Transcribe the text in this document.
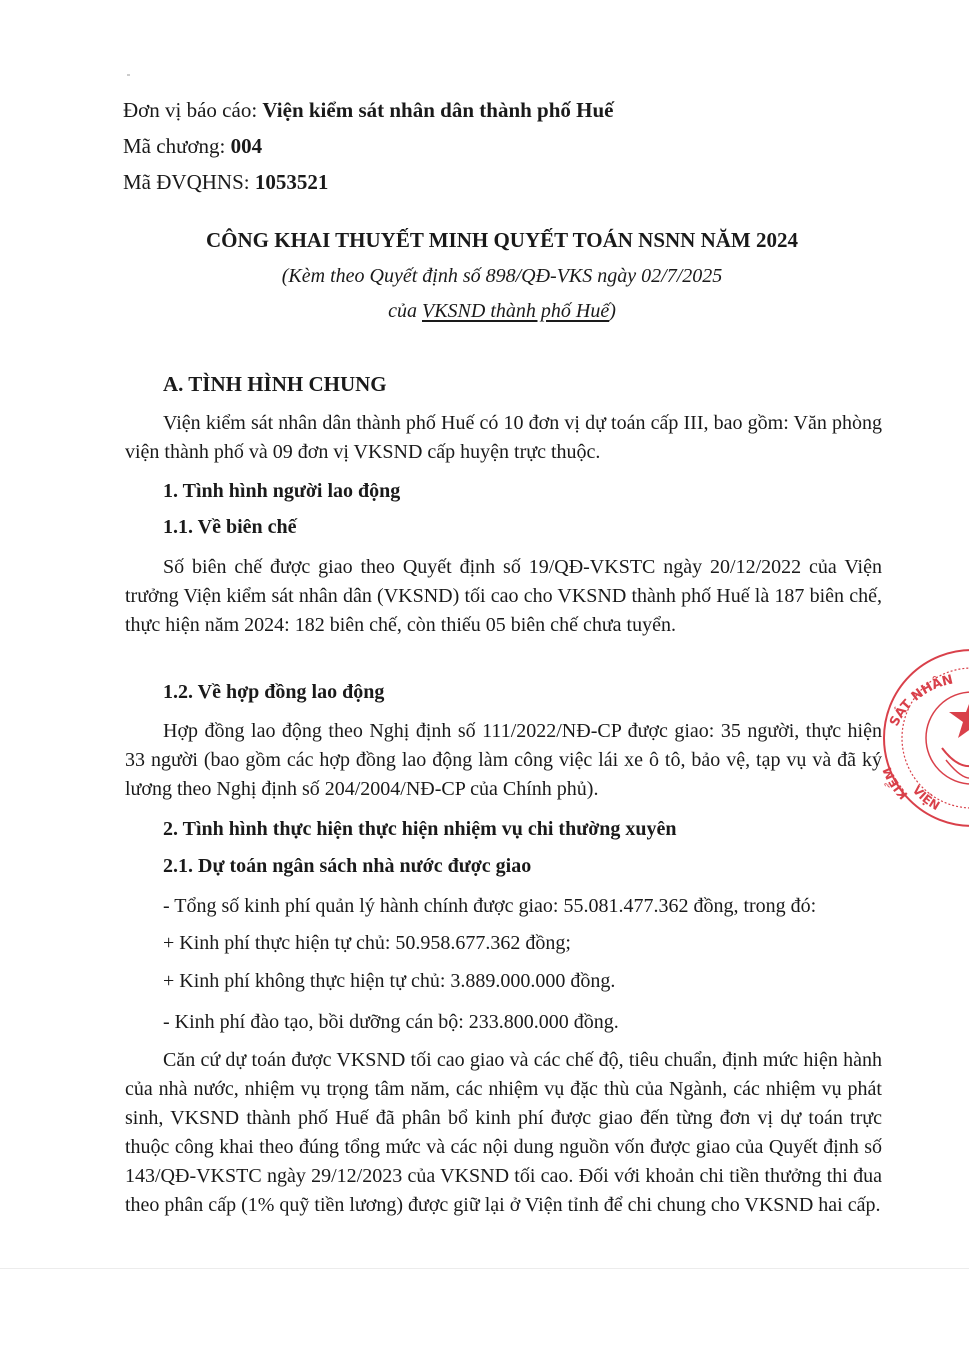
Đơn vị báo cáo: Viện kiểm sát nhân dân thành phố Huế
Mã chương: 004
Mã ĐVQHNS: 1053521
CÔNG KHAI THUYẾT MINH QUYẾT TOÁN NSNN NĂM 2024
(Kèm theo Quyết định số 898/QĐ-VKS ngày 02/7/2025
của VKSND thành phố Huế)
A. TÌNH HÌNH CHUNG

Viện kiểm sát nhân dân thành phố Huế có 10 đơn vị dự toán cấp III, bao gồm: Văn phòng viện thành phố và 09 đơn vị VKSND cấp huyện trực thuộc.

1. Tình hình người lao động
1.1. Về biên chế

Số biên chế được giao theo Quyết định số 19/QĐ-VKSTC ngày 20/12/2022 của Viện trưởng Viện kiểm sát nhân dân (VKSND) tối cao cho VKSND thành phố Huế là 187 biên chế, thực hiện năm 2024: 182 biên chế, còn thiếu 05 biên chế chưa tuyển.

1.2. Về hợp đồng lao động

Hợp đồng lao động theo Nghị định số 111/2022/NĐ-CP được giao: 35 người, thực hiện 33 người (bao gồm các hợp đồng lao động làm công việc lái xe ô tô, bảo vệ, tạp vụ và đã ký lương theo Nghị định số 204/2004/NĐ-CP của Chính phủ).

2. Tình hình thực hiện thực hiện nhiệm vụ chi thường xuyên
2.1. Dự toán ngân sách nhà nước được giao
- Tổng số kinh phí quản lý hành chính được giao: 55.081.477.362 đồng, trong đó:
+ Kinh phí thực hiện tự chủ: 50.958.677.362 đồng;
+ Kinh phí không thực hiện tự chủ: 3.889.000.000 đồng.
- Kinh phí đào tạo, bồi dưỡng cán bộ: 233.800.000 đồng.

Căn cứ dự toán được VKSND tối cao giao và các chế độ, tiêu chuẩn, định mức hiện hành của nhà nước, nhiệm vụ trọng tâm năm, các nhiệm vụ đặc thù của Ngành, các nhiệm vụ phát sinh, VKSND thành phố Huế đã phân bổ kinh phí được giao đến từng đơn vị dự toán trực thuộc công khai theo đúng tổng mức và các nội dung nguồn vốn được giao của Quyết định số 143/QĐ-VKSTC ngày 29/12/2023 của VKSND tối cao. Đối với khoản chi tiền thưởng thi đua theo phân cấp (1% quỹ tiền lương) được giữ lại ở Viện tỉnh để chi chung cho VKSND hai cấp.

SÁT NHÂN
KIỂM
VIỆN
